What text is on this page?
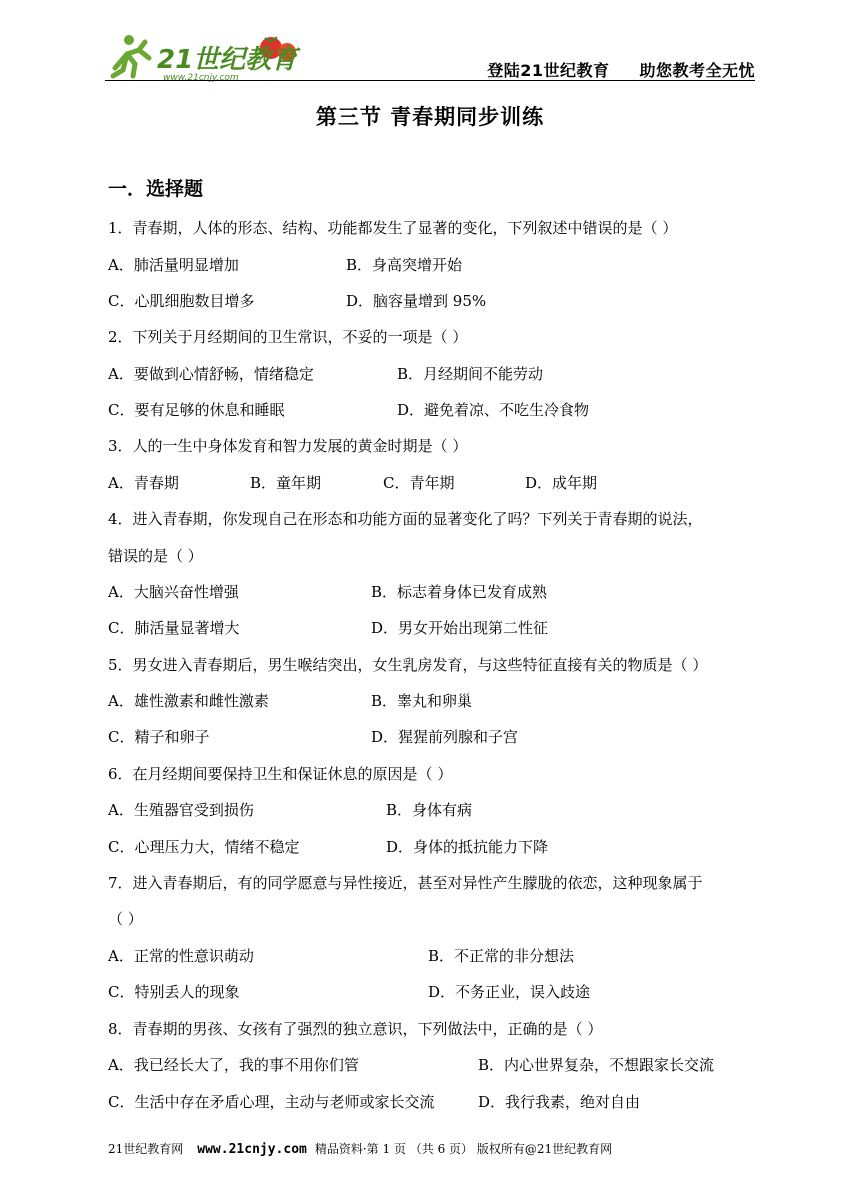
21世纪教育
www.21cnjy.com	登陆21世纪教育 助您教考全无忧
第三节 青春期同步训练
一．选择题
1．青春期，人体的形态、结构、功能都发生了显著的变化，下列叙述中错误的是（ ）
A．肺活量明显增加	B．身高突增开始
C．心肌细胞数目增多	D．脑容量增到 95%
2．下列关于月经期间的卫生常识，不妥的一项是（ ）
A．要做到心情舒畅，情绪稳定	B．月经期间不能劳动
C．要有足够的休息和睡眠	D．避免着凉、不吃生冷食物
3．人的一生中身体发育和智力发展的黄金时期是（ ）
A．青春期	B．童年期	C．青年期	D．成年期
4．进入青春期，你发现自己在形态和功能方面的显著变化了吗？下列关于青春期的说法，
错误的是（ ）
A．大脑兴奋性增强	B．标志着身体已发育成熟
C．肺活量显著增大	D．男女开始出现第二性征
5．男女进入青春期后，男生喉结突出，女生乳房发育，与这些特征直接有关的物质是（ ）
A．雄性激素和雌性激素	B．睾丸和卵巢
C．精子和卵子	D．猩猩前列腺和子宫
6．在月经期间要保持卫生和保证休息的原因是（ ）
A．生殖器官受到损伤	B．身体有病
C．心理压力大，情绪不稳定	D．身体的抵抗能力下降
7．进入青春期后，有的同学愿意与异性接近，甚至对异性产生朦胧的依恋，这种现象属于
（ ）
A．正常的性意识萌动	B．不正常的非分想法
C．特别丢人的现象	D．不务正业，误入歧途
8．青春期的男孩、女孩有了强烈的独立意识，下列做法中，正确的是（ ）
A．我已经长大了，我的事不用你们管	B．内心世界复杂，不想跟家长交流
C．生活中存在矛盾心理，主动与老师或家长交流	D．我行我素，绝对自由
21世纪教育网 www.21cnjy.com 精品资料·第 1 页 （共 6 页） 版权所有@21世纪教育网
